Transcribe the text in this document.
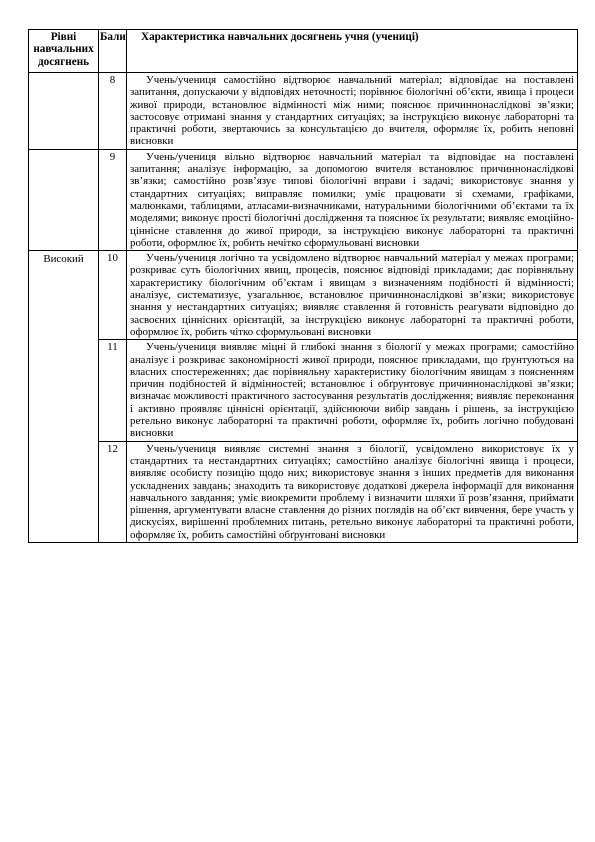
Рівні навчальних досягнень	Бали	Характеристика навчальних досягнень учня (учениці)
	8	Учень/учениця самостійно відтворює навчальний матеріал; відповідає на поставлені запитання, допускаючи у відповідях неточності; порівнює біологічні об’єкти, явища і процеси живої природи, встановлює відмінності між ними; пояснює причиннонаслідкові зв’язки; застосовує отримані знання у стандартних ситуаціях; за інструкцією виконує лабораторні та практичні роботи, звертаючись за консультацією до вчителя, оформляє їх, робить неповні висновки

	9	Учень/учениця вільно відтворює навчальний матеріал та відповідає на поставлені запитання; аналізує інформацію, за допомогою вчителя встановлює причиннонаслідкові зв’язки; самостійно розв’язує типові біологічні вправи і задачі; використовує знання у стандартних ситуаціях; виправляє помилки; уміє працювати зі схемами, графіками, малюнками, таблицями, атласами-визначниками, натуральними біологічними об’єктами та їх моделями; виконує прості біологічні дослідження та пояснює їх результати; виявляє емоційноціннісне ставлення до живої природи, за інструкцією виконує лабораторні та практичні роботи, оформлює їх, робить нечітко сформульовані висновки

Високий	10	Учень/учениця логічно та усвідомлено відтворює навчальний матеріал у межах програми; розкриває суть біологічних явищ, процесів, пояснює відповіді прикладами; дає порівняльну характеристику біологічним об’єктам і явищам з визначенням подібності й відмінності; аналізує, систематизує, узагальнює, встановлює причиннонаслідкові зв’язки; використовує знання у нестандартних ситуаціях; виявляє ставлення й готовність реагувати відповідно до засвоєних ціннісних орієнтацій, за інструкцією виконує лабораторні та практичні роботи, оформлює їх, робить чітко сформульовані висновки

	11	Учень/учениця виявляє міцні й глибокі знання з біології у межах програми; самостійно аналізує і розкриває закономірності живої природи, пояснює прикладами, що ґрунтуються на власних спостереженнях; дає порівняльну характеристику біологічним явищам з поясненням причин подібностей й відмінностей; встановлює і обґрунтовує причиннонаслідкові зв’язки; визначає можливості практичного застосування результатів дослідження; виявляє переконання і активно проявляє ціннісні орієнтації, здійснюючи вибір завдань і рішень, за інструкцією ретельно виконує лабораторні та практичні роботи, оформляє їх, робить логічно побудовані висновки

	12	Учень/учениця виявляє системні знання з біології, усвідомлено використовує їх у стандартних та нестандартних ситуаціях; самостійно аналізує біологічні явища і процеси, виявляє особисту позицію щодо них; використовує знання з інших предметів для виконання ускладнених завдань; знаходить та використовує додаткові джерела інформації для виконання навчального завдання; уміє виокремити проблему і визначити шляхи її розв’язання, приймати рішення, аргументувати власне ставлення до різних поглядів на об’єкт вивчення, бере участь у дискусіях, вирішенні проблемних питань, ретельно виконує лабораторні та практичні роботи, оформляє їх, робить самостійні обґрунтовані висновки
